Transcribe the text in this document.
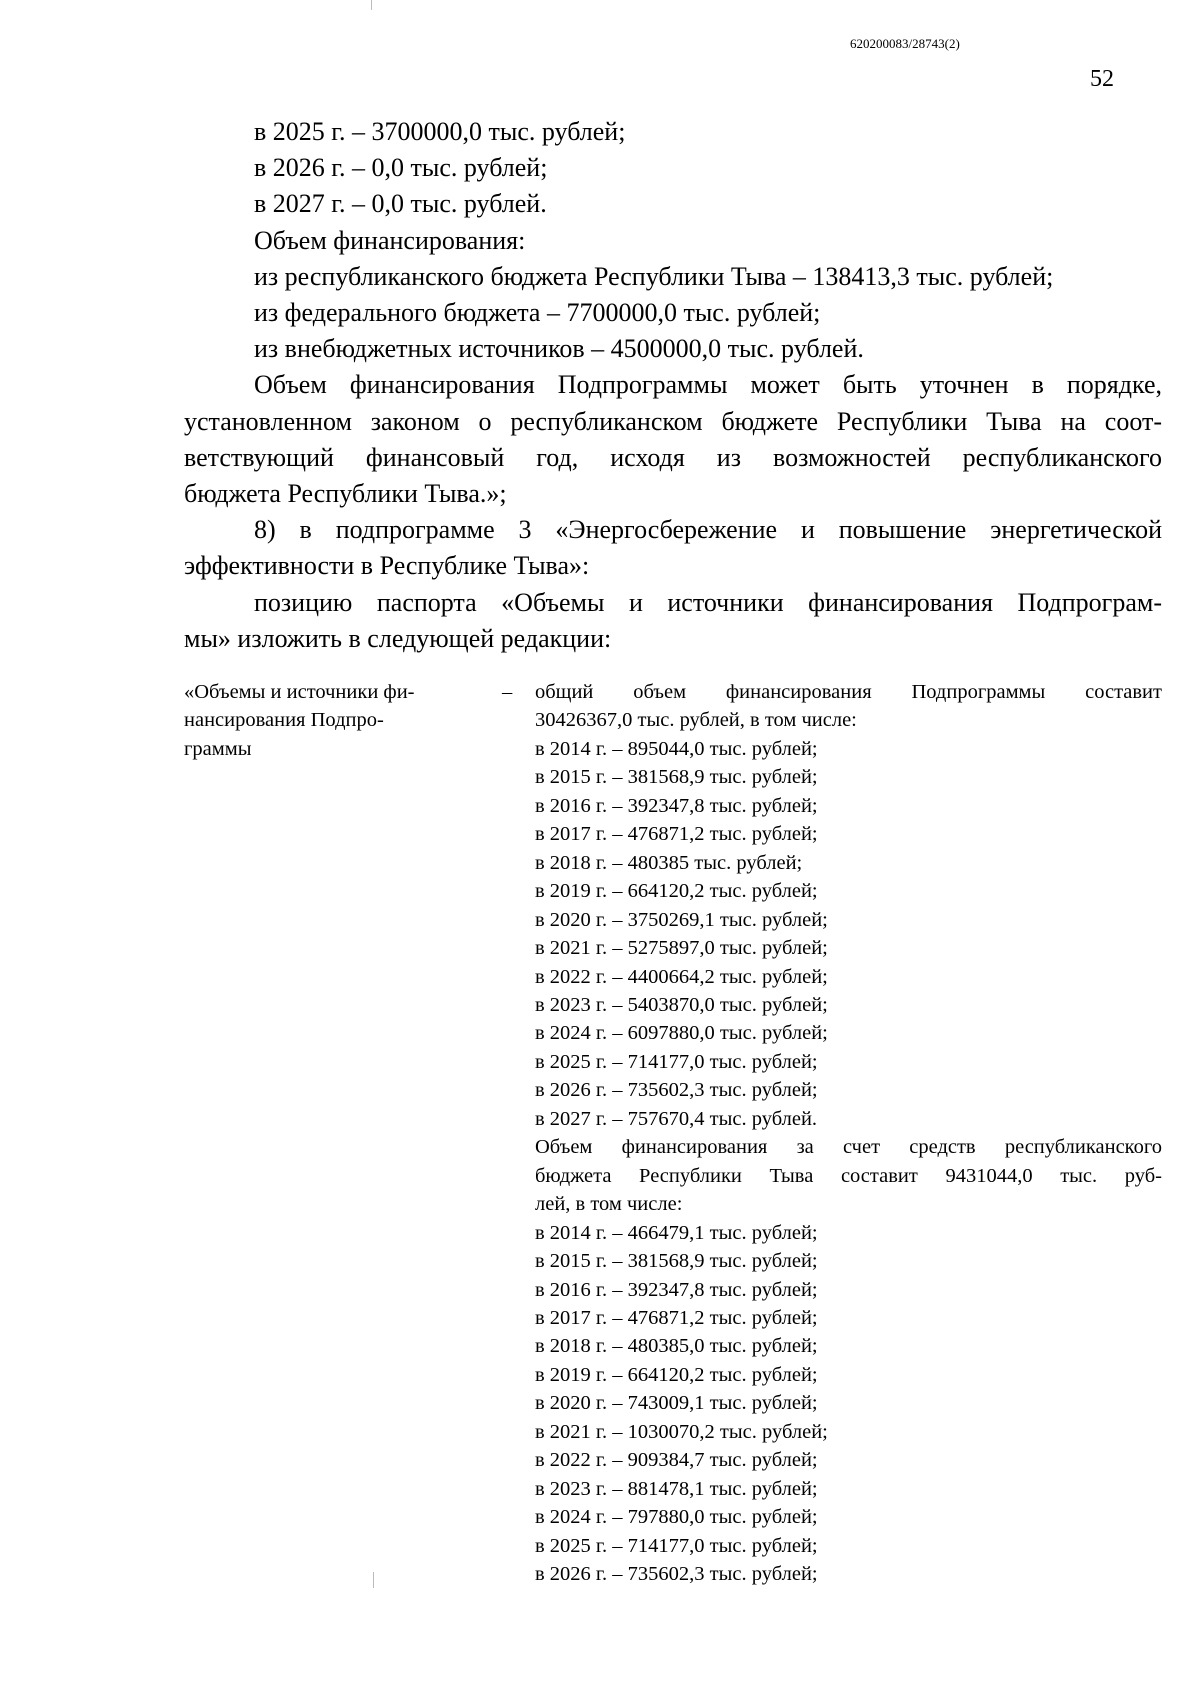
620200083/28743(2)
52

в 2025 г. – 3700000,0 тыс. рублей;

в 2026 г. – 0,0 тыс. рублей;

в 2027 г. – 0,0 тыс. рублей.

Объем финансирования:

из республиканского бюджета Республики Тыва – 138413,3 тыс. рублей;

из федерального бюджета – 7700000,0 тыс. рублей;

из внебюджетных источников – 4500000,0 тыс. рублей.

Объем финансирования Подпрограммы может быть уточнен в порядке,

установленном законом о республиканском бюджете Республики Тыва на соот-

ветствующий финансовый год, исходя из возможностей республиканского

бюджета Республики Тыва.»;

8) в подпрограмме 3 «Энергосбережение и повышение энергетической

эффективности в Республике Тыва»:

позицию паспорта «Объемы и источники финансирования Подпрограм-

мы» изложить в следующей редакции:

«Объемы и источники фи-
нансирования Подпро-
граммы
– общий объем финансирования Подпрограммы составит
30426367,0 тыс. рублей, в том числе:
в 2014 г. – 895044,0 тыс. рублей;
в 2015 г. – 381568,9 тыс. рублей;
в 2016 г. – 392347,8 тыс. рублей;
в 2017 г. – 476871,2 тыс. рублей;
в 2018 г. – 480385 тыс. рублей;
в 2019 г. – 664120,2 тыс. рублей;
в 2020 г. – 3750269,1 тыс. рублей;
в 2021 г. – 5275897,0 тыс. рублей;
в 2022 г. – 4400664,2 тыс. рублей;
в 2023 г. – 5403870,0 тыс. рублей;
в 2024 г. – 6097880,0 тыс. рублей;
в 2025 г. – 714177,0 тыс. рублей;
в 2026 г. – 735602,3 тыс. рублей;
в 2027 г. – 757670,4 тыс. рублей.
Объем финансирования за счет средств республиканского
бюджета Республики Тыва составит 9431044,0 тыс. руб-
лей, в том числе:
в 2014 г. – 466479,1 тыс. рублей;
в 2015 г. – 381568,9 тыс. рублей;
в 2016 г. – 392347,8 тыс. рублей;
в 2017 г. – 476871,2 тыс. рублей;
в 2018 г. – 480385,0 тыс. рублей;
в 2019 г. – 664120,2 тыс. рублей;
в 2020 г. – 743009,1 тыс. рублей;
в 2021 г. – 1030070,2 тыс. рублей;
в 2022 г. – 909384,7 тыс. рублей;
в 2023 г. – 881478,1 тыс. рублей;
в 2024 г. – 797880,0 тыс. рублей;
в 2025 г. – 714177,0 тыс. рублей;
в 2026 г. – 735602,3 тыс. рублей;
